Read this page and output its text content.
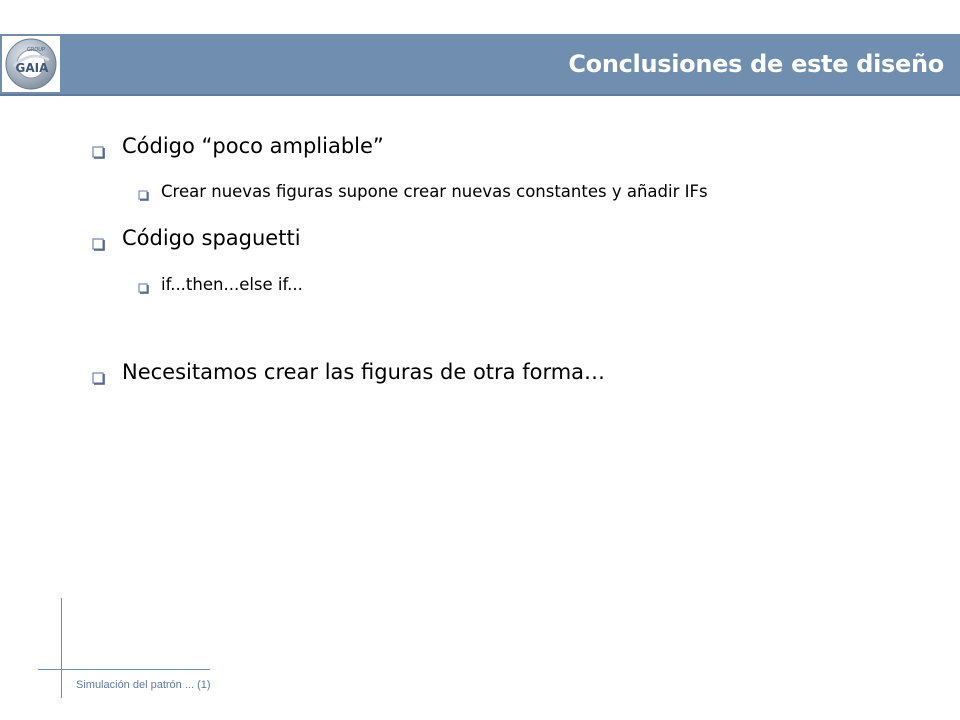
GAIA
GROUP	Conclusiones de este diseño
Código “poco ampliable”
Crear nuevas figuras supone crear nuevas constantes y añadir IFs
Código spaguetti
if...then...else if...
Necesitamos crear las figuras de otra forma…
Simulación del patrón ... (1)
